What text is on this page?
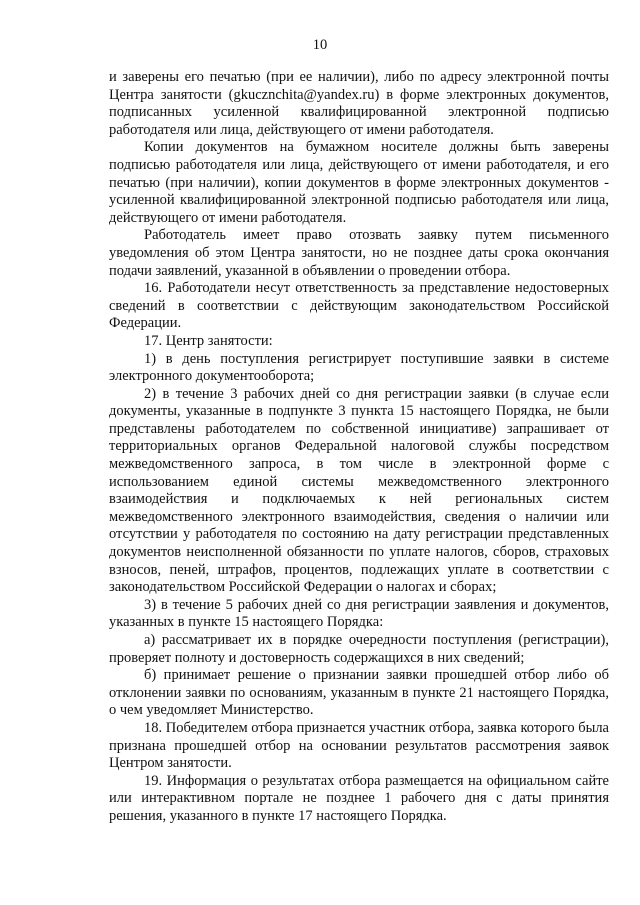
10

и заверены его печатью (при ее наличии), либо по адресу электронной почты Центра занятости (gkucznchita@yandex.ru) в форме электронных документов, подписанных усиленной квалифицированной электронной подписью работодателя или лица, действующего от имени работодателя.

Копии документов на бумажном носителе должны быть заверены подписью работодателя или лица, действующего от имени работодателя, и его печатью (при наличии), копии документов в форме электронных документов - усиленной квалифицированной электронной подписью работодателя или лица, действующего от имени работодателя.

Работодатель имеет право отозвать заявку путем письменного уведомления об этом Центра занятости, но не позднее даты срока окончания подачи заявлений, указанной в объявлении о проведении отбора.

16. Работодатели несут ответственность за представление недостоверных сведений в соответствии с действующим законодательством Российской Федерации.

17. Центр занятости:

1) в день поступления регистрирует поступившие заявки в системе электронного документооборота;

2) в течение 3 рабочих дней со дня регистрации заявки (в случае если документы, указанные в подпункте 3 пункта 15 настоящего Порядка, не были представлены работодателем по собственной инициативе) запрашивает от территориальных органов Федеральной налоговой службы посредством межведомственного запроса, в том числе в электронной форме с использованием единой системы межведомственного электронного взаимодействия и подключаемых к ней региональных систем межведомственного электронного взаимодействия, сведения о наличии или отсутствии у работодателя по состоянию на дату регистрации представленных документов неисполненной обязанности по уплате налогов, сборов, страховых взносов, пеней, штрафов, процентов, подлежащих уплате в соответствии с законодательством Российской Федерации о налогах и сборах;

3) в течение 5 рабочих дней со дня регистрации заявления и документов, указанных в пункте 15 настоящего Порядка:

а) рассматривает их в порядке очередности поступления (регистрации), проверяет полноту и достоверность содержащихся в них сведений;

б) принимает решение о признании заявки прошедшей отбор либо об отклонении заявки по основаниям, указанным в пункте 21 настоящего Порядка, о чем уведомляет Министерство.

18. Победителем отбора признается участник отбора, заявка которого была признана прошедшей отбор на основании результатов рассмотрения заявок Центром занятости.

19. Информация о результатах отбора размещается на официальном сайте или интерактивном портале не позднее 1 рабочего дня с даты принятия решения, указанного в пункте 17 настоящего Порядка.
